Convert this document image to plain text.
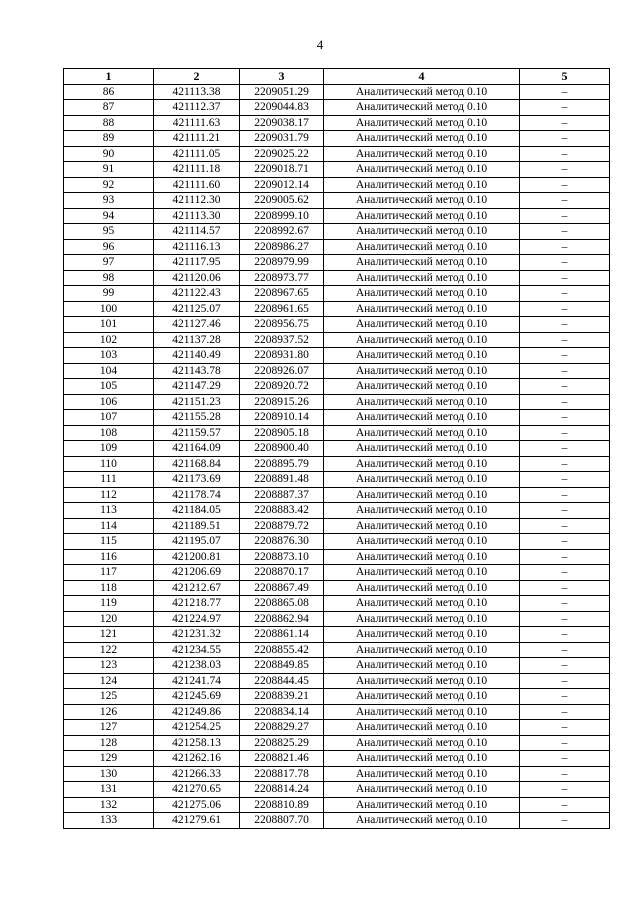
4
1	2	3	4	5
86	421113.38	2209051.29	Аналитический метод 0.10	–
87	421112.37	2209044.83	Аналитический метод 0.10	–
88	421111.63	2209038.17	Аналитический метод 0.10	–
89	421111.21	2209031.79	Аналитический метод 0.10	–
90	421111.05	2209025.22	Аналитический метод 0.10	–
91	421111.18	2209018.71	Аналитический метод 0.10	–
92	421111.60	2209012.14	Аналитический метод 0.10	–
93	421112.30	2209005.62	Аналитический метод 0.10	–
94	421113.30	2208999.10	Аналитический метод 0.10	–
95	421114.57	2208992.67	Аналитический метод 0.10	–
96	421116.13	2208986.27	Аналитический метод 0.10	–
97	421117.95	2208979.99	Аналитический метод 0.10	–
98	421120.06	2208973.77	Аналитический метод 0.10	–
99	421122.43	2208967.65	Аналитический метод 0.10	–
100	421125.07	2208961.65	Аналитический метод 0.10	–
101	421127.46	2208956.75	Аналитический метод 0.10	–
102	421137.28	2208937.52	Аналитический метод 0.10	–
103	421140.49	2208931.80	Аналитический метод 0.10	–
104	421143.78	2208926.07	Аналитический метод 0.10	–
105	421147.29	2208920.72	Аналитический метод 0.10	–
106	421151.23	2208915.26	Аналитический метод 0.10	–
107	421155.28	2208910.14	Аналитический метод 0.10	–
108	421159.57	2208905.18	Аналитический метод 0.10	–
109	421164.09	2208900.40	Аналитический метод 0.10	–
110	421168.84	2208895.79	Аналитический метод 0.10	–
111	421173.69	2208891.48	Аналитический метод 0.10	–
112	421178.74	2208887.37	Аналитический метод 0.10	–
113	421184.05	2208883.42	Аналитический метод 0.10	–
114	421189.51	2208879.72	Аналитический метод 0.10	–
115	421195.07	2208876.30	Аналитический метод 0.10	–
116	421200.81	2208873.10	Аналитический метод 0.10	–
117	421206.69	2208870.17	Аналитический метод 0.10	–
118	421212.67	2208867.49	Аналитический метод 0.10	–
119	421218.77	2208865.08	Аналитический метод 0.10	–
120	421224.97	2208862.94	Аналитический метод 0.10	–
121	421231.32	2208861.14	Аналитический метод 0.10	–
122	421234.55	2208855.42	Аналитический метод 0.10	–
123	421238.03	2208849.85	Аналитический метод 0.10	–
124	421241.74	2208844.45	Аналитический метод 0.10	–
125	421245.69	2208839.21	Аналитический метод 0.10	–
126	421249.86	2208834.14	Аналитический метод 0.10	–
127	421254.25	2208829.27	Аналитический метод 0.10	–
128	421258.13	2208825.29	Аналитический метод 0.10	–
129	421262.16	2208821.46	Аналитический метод 0.10	–
130	421266.33	2208817.78	Аналитический метод 0.10	–
131	421270.65	2208814.24	Аналитический метод 0.10	–
132	421275.06	2208810.89	Аналитический метод 0.10	–
133	421279.61	2208807.70	Аналитический метод 0.10	–
